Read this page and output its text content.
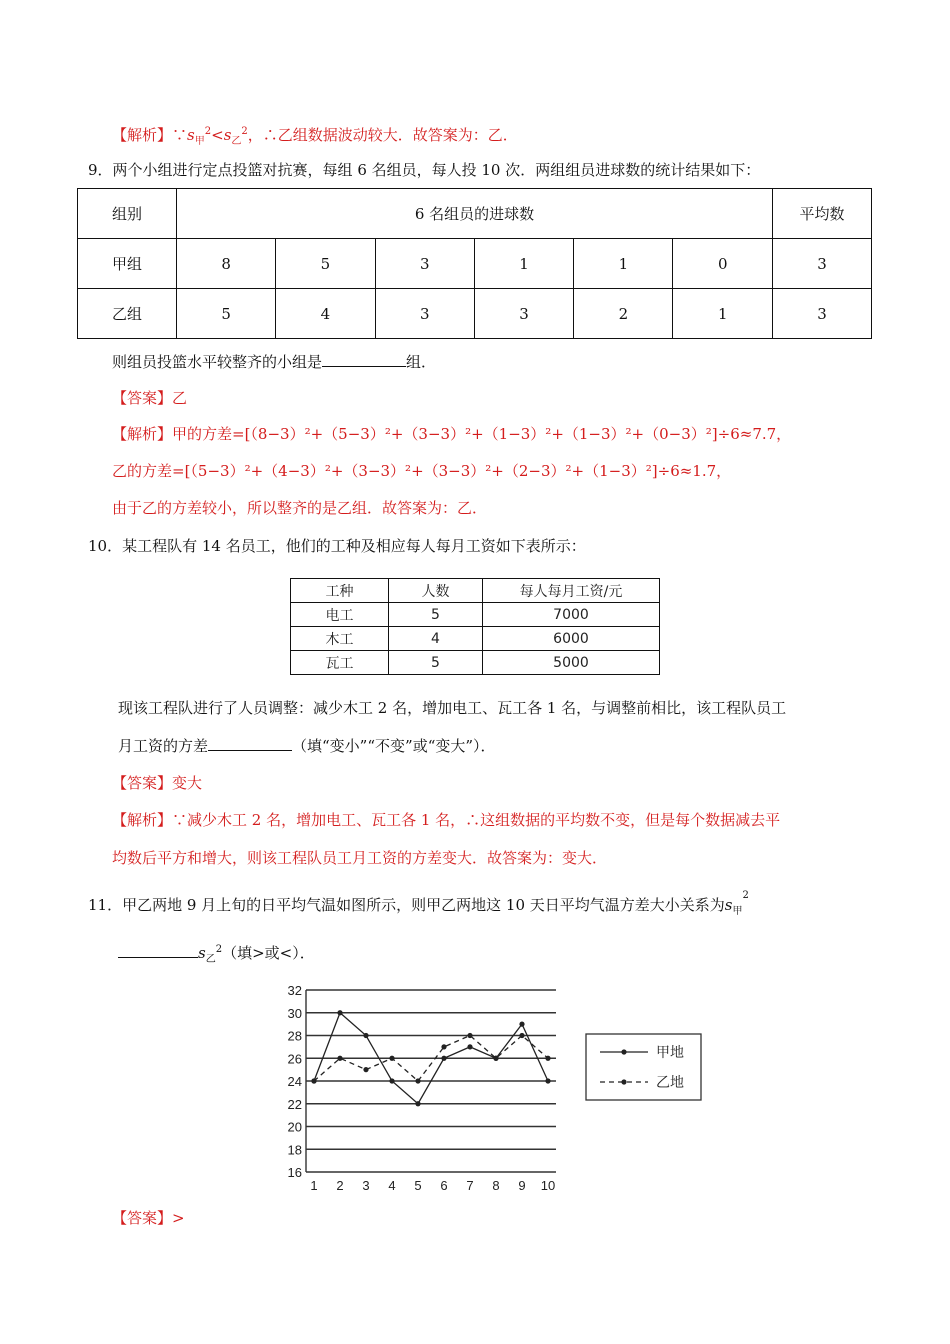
【解析】$\because s_甲^2<s_乙^2$，∴乙组数据波动较大．故答案为：乙．
9．两个小组进行定点投篮对抗赛，每组 6 名组员，每人投 10 次．两组组员进球数的统计结果如下：
组别	6 名组员的进球数						平均数
甲组	8	5	3	1	1	0	3
乙组	5	4	3	3	2	1	3
则组员投篮水平较整齐的小组是	组．
【答案】乙
【解析】甲的方差=[（8−3）²+（5−3）²+（3−3）²+（1−3）²+（1−3）²+（0−3）²]÷6≈7.7，
乙的方差=[（5−3）²+（4−3）²+（3−3）²+（3−3）²+（2−3）²+（1−3）²]÷6≈1.7，
由于乙的方差较小，所以整齐的是乙组．故答案为：乙．
10．某工程队有 14 名员工，他们的工种及相应每人每月工资如下表所示：
工种	人数	每人每月工资/元
电工	5	7000
木工	4	6000
瓦工	5	5000
现该工程队进行了人员调整：减少木工 2 名，增加电工、瓦工各 1 名，与调整前相比，该工程队员工
月工资的方差	（填“变小”“不变”或“变大”）．
【答案】变大
【解析】∵减少木工 2 名，增加电工、瓦工各 1 名，∴这组数据的平均数不变，但是每个数据减去平
均数后平方和增大，则该工程队员工月工资的方差变大．故答案为：变大．
11．甲乙两地 9 月上旬的日平均气温如图所示，则甲乙两地这 10 天日平均气温方差大小关系为$s_甲^2$
$s_乙^2$（填>或<）．
16
18
20
22
24
26
28
30
32
1 2 3 4 5 6 7 8 9 10
甲地
乙地
【答案】>
